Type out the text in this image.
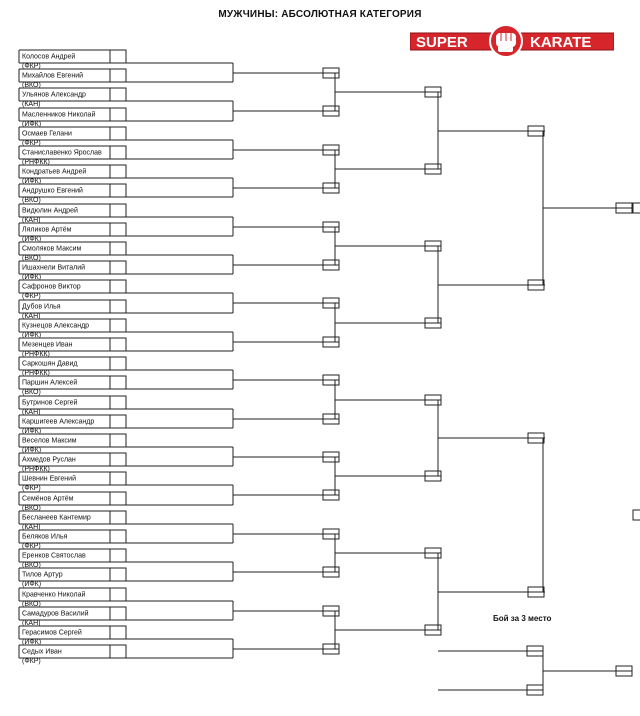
МУЖЧИНЫ: АБСОЛЮТНАЯ КАТЕГОРИЯ
SUPER	KARATE
Колосов Андрей
(ФКР)
Михайлов Евгений
(ВКО)
Ульянов Александр
(КАН)
Масленников Николай
(ИФК)
Осмаев Гелани
(ФКР)
Станиславенко Ярослав
(РНФКК)
Кондратьев Андрей
(ИФК)
Андрушко Евгений
(ВКО)
Видюлин Андрей
(КАН)
Ляликов Артём
(ИФК)
Смоляков Максим
(ВКО)
Ишахнели Виталий
(ИФК)
Сафронов Виктор
(ФКР)
Дубов Илья
(КАН)
Кузнецов Александр
(ИФК)
Мезенцев Иван
(РНФКК)
Саркошян Давид
(РНФКК)
Паршин Алексей
(ВКО)
Бутринов Сергей
(КАН)
Каршигеев Александр
(ИФК)
Веселов Максим
(ИФК)
Ахмедов Руслан
(РНФКК)
Шевнин Евгений
(ФКР)
Семёнов Артём
(ВКО)
Бесланеев Кантемир
(КАН)
Беляков Илья
(ФКР)
Еренков Святослав
(ВКО)
Тилов Артур
(ИФК)
Кравченко Николай
(ВКО)
Самадуров Василий
(КАН)
Герасимов Сергей
(ИФК)
Седых Иван
(ФКР)
Бой за 3 место
